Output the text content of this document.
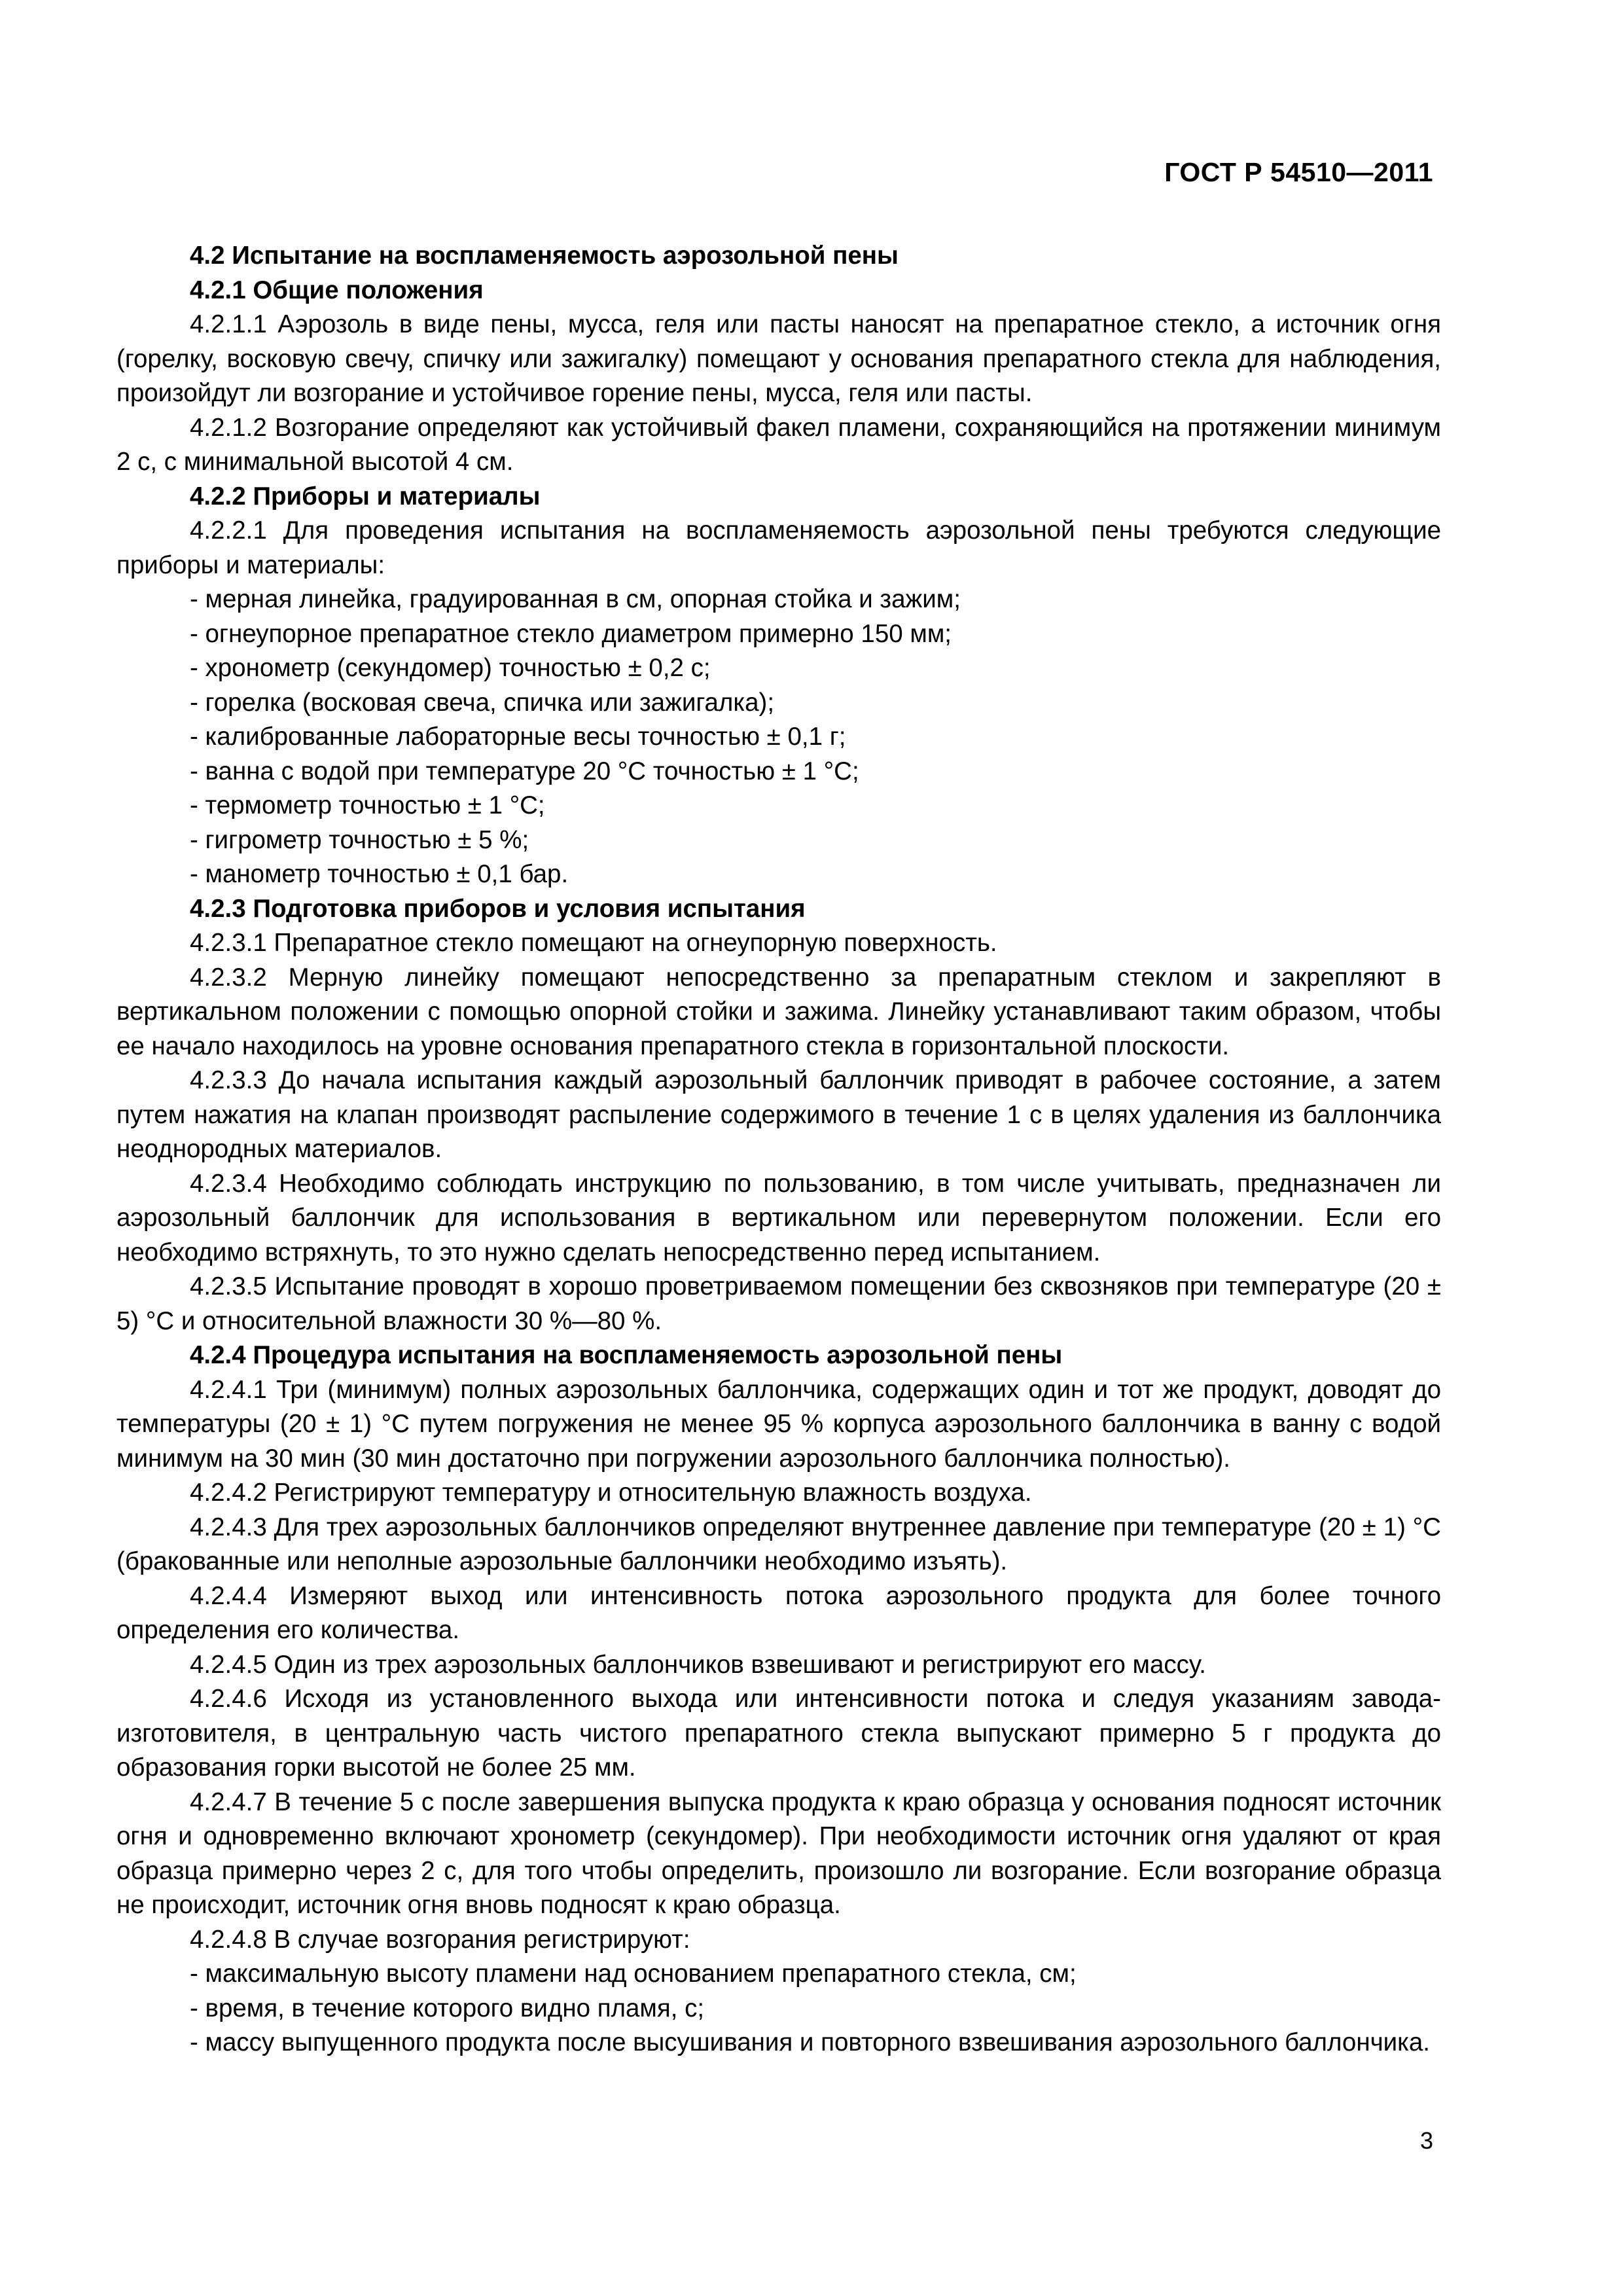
ГОСТ Р 54510—2011

4.2 Испытание на воспламеняемость аэрозольной пены

4.2.1 Общие положения

4.2.1.1 Аэрозоль в виде пены, мусса, геля или пасты наносят на препаратное стекло, а источник огня (горелку, восковую свечу, спичку или зажигалку) помещают у основания препаратного стекла для наблюдения, произойдут ли возгорание и устойчивое горение пены, мусса, геля или пасты.

4.2.1.2 Возгорание определяют как устойчивый факел пламени, сохраняющийся на протяжении минимум 2 с, с минимальной высотой 4 см.

4.2.2 Приборы и материалы

4.2.2.1 Для проведения испытания на воспламеняемость аэрозольной пены требуются следующие приборы и материалы:

- мерная линейка, градуированная в см, опорная стойка и зажим;

- огнеупорное препаратное стекло диаметром примерно 150 мм;

- хронометр (секундомер) точностью ± 0,2 с;

- горелка (восковая свеча, спичка или зажигалка);

- калиброванные лабораторные весы точностью ± 0,1 г;

- ванна с водой при температуре 20 °С точностью ± 1 °С;

- термометр точностью ± 1 °С;

- гигрометр точностью ± 5 %;

- манометр точностью ± 0,1 бар.

4.2.3 Подготовка приборов и условия испытания

4.2.3.1 Препаратное стекло помещают на огнеупорную поверхность.

4.2.3.2 Мерную линейку помещают непосредственно за препаратным стеклом и закрепляют в вертикальном положении с помощью опорной стойки и зажима. Линейку устанавливают таким образом, чтобы ее начало находилось на уровне основания препаратного стекла в горизонтальной плоскости.

4.2.3.3 До начала испытания каждый аэрозольный баллончик приводят в рабочее состояние, а затем путем нажатия на клапан производят распыление содержимого в течение 1 с в целях удаления из баллончика неоднородных материалов.

4.2.3.4 Необходимо соблюдать инструкцию по пользованию, в том числе учитывать, предназначен ли аэрозольный баллончик для использования в вертикальном или перевернутом положении. Если его необходимо встряхнуть, то это нужно сделать непосредственно перед испытанием.

4.2.3.5 Испытание проводят в хорошо проветриваемом помещении без сквозняков при температуре (20 ± 5) °С и относительной влажности 30 %—80 %.

4.2.4 Процедура испытания на воспламеняемость аэрозольной пены

4.2.4.1 Три (минимум) полных аэрозольных баллончика, содержащих один и тот же продукт, доводят до температуры (20 ± 1) °С путем погружения не менее 95 % корпуса аэрозольного баллончика в ванну с водой минимум на 30 мин (30 мин достаточно при погружении аэрозольного баллончика полностью).

4.2.4.2 Регистрируют температуру и относительную влажность воздуха.

4.2.4.3 Для трех аэрозольных баллончиков определяют внутреннее давление при температуре (20 ± 1) °С (бракованные или неполные аэрозольные баллончики необходимо изъять).

4.2.4.4 Измеряют выход или интенсивность потока аэрозольного продукта для более точного определения его количества.

4.2.4.5 Один из трех аэрозольных баллончиков взвешивают и регистрируют его массу.

4.2.4.6 Исходя из установленного выхода или интенсивности потока и следуя указаниям завода-изготовителя, в центральную часть чистого препаратного стекла выпускают примерно 5 г продукта до образования горки высотой не более 25 мм.

4.2.4.7 В течение 5 с после завершения выпуска продукта к краю образца у основания подносят источник огня и одновременно включают хронометр (секундомер). При необходимости источник огня удаляют от края образца примерно через 2 с, для того чтобы определить, произошло ли возгорание. Если возгорание образца не происходит, источник огня вновь подносят к краю образца.

4.2.4.8 В случае возгорания регистрируют:

- максимальную высоту пламени над основанием препаратного стекла, см;

- время, в течение которого видно пламя, с;

- массу выпущенного продукта после высушивания и повторного взвешивания аэрозольного баллончика.

3
